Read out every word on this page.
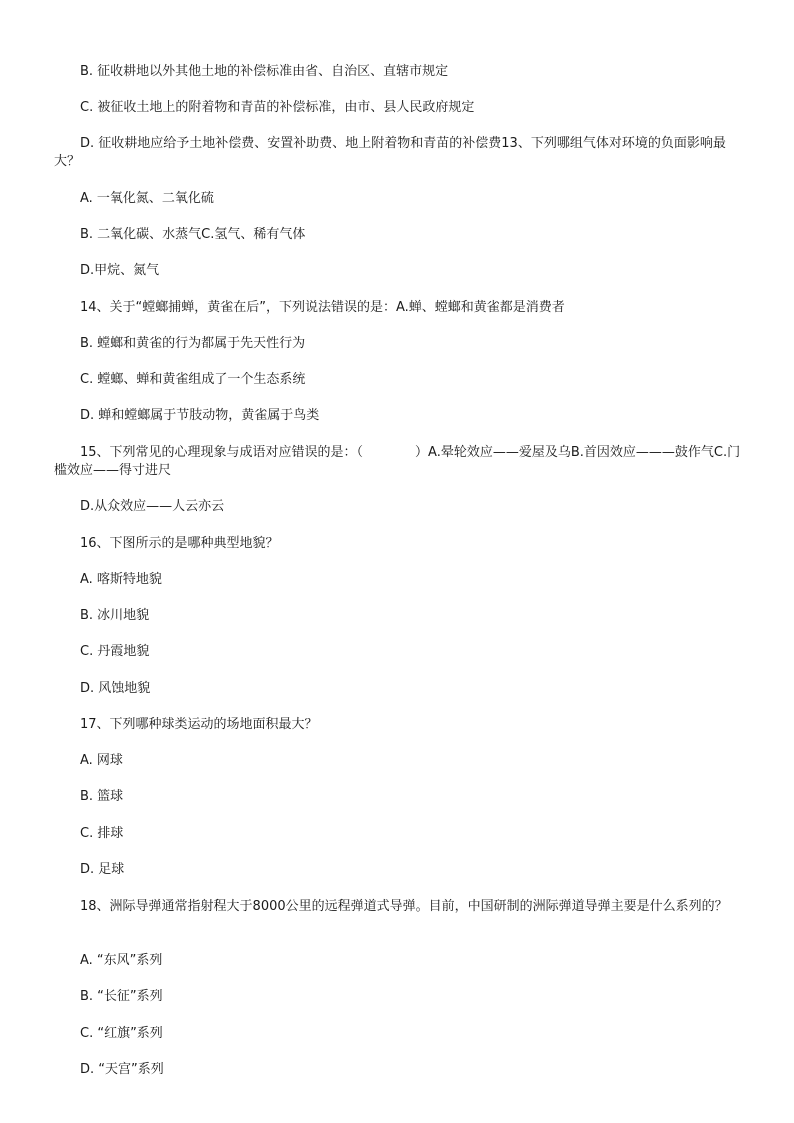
B. 征收耕地以外其他土地的补偿标准由省、自治区、直辖市规定
C. 被征收土地上的附着物和青苗的补偿标准，由市、县人民政府规定
D. 征收耕地应给予土地补偿费、安置补助费、地上附着物和青苗的补偿费13、下列哪组气体对环境的负面影响最大？
A. 一氧化氮、二氧化硫
B. 二氧化碳、水蒸气C.氢气、稀有气体
D.甲烷、氮气
14、关于“螳螂捕蝉，黄雀在后”，下列说法错误的是：A.蝉、螳螂和黄雀都是消费者
B. 螳螂和黄雀的行为都属于先天性行为
C. 螳螂、蝉和黄雀组成了一个生态系统
D. 蝉和螳螂属于节肢动物，黄雀属于鸟类
15、下列常见的心理现象与成语对应错误的是：（　　　　）A.晕轮效应——爱屋及乌B.首因效应———鼓作气C.门槛效应——得寸进尺
D.从众效应——人云亦云
16、下图所示的是哪种典型地貌？
A. 喀斯特地貌
B. 冰川地貌
C. 丹霞地貌
D. 风蚀地貌
17、下列哪种球类运动的场地面积最大？
A. 网球
B. 篮球
C. 排球
D. 足球
18、洲际导弹通常指射程大于8000公里的远程弹道式导弹。目前，中国研制的洲际弹道导弹主要是什么系列的？
A. “东风”系列
B. “长征”系列
C. “红旗”系列
D. “天宫”系列
